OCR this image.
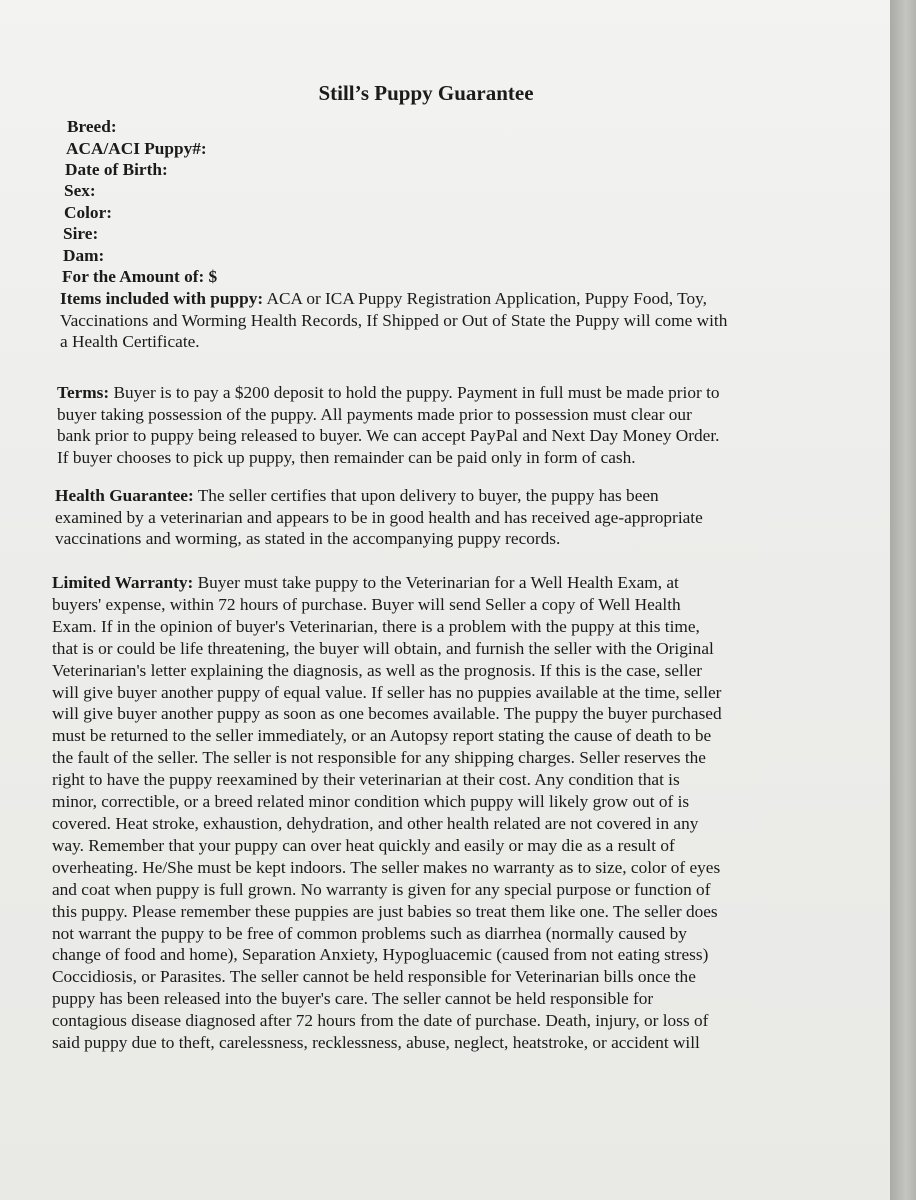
Still’s Puppy Guarantee
Breed:
ACA/ACI Puppy#:
Date of Birth:
Sex:
Color:
Sire:
Dam:
For the Amount of: $
Items included with puppy: ACA or ICA Puppy Registration Application, Puppy Food, Toy,
Vaccinations and Worming Health Records, If Shipped or Out of State the Puppy will come with
a Health Certificate.
Terms: Buyer is to pay a $200 deposit to hold the puppy. Payment in full must be made prior to
buyer taking possession of the puppy. All payments made prior to possession must clear our
bank prior to puppy being released to buyer. We can accept PayPal and Next Day Money Order.
If buyer chooses to pick up puppy, then remainder can be paid only in form of cash.
Health Guarantee: The seller certifies that upon delivery to buyer, the puppy has been
examined by a veterinarian and appears to be in good health and has received age-appropriate
vaccinations and worming, as stated in the accompanying puppy records.
Limited Warranty: Buyer must take puppy to the Veterinarian for a Well Health Exam, at
buyers' expense, within 72 hours of purchase. Buyer will send Seller a copy of Well Health
Exam. If in the opinion of buyer's Veterinarian, there is a problem with the puppy at this time,
that is or could be life threatening, the buyer will obtain, and furnish the seller with the Original
Veterinarian's letter explaining the diagnosis, as well as the prognosis. If this is the case, seller
will give buyer another puppy of equal value. If seller has no puppies available at the time, seller
will give buyer another puppy as soon as one becomes available. The puppy the buyer purchased
must be returned to the seller immediately, or an Autopsy report stating the cause of death to be
the fault of the seller. The seller is not responsible for any shipping charges. Seller reserves the
right to have the puppy reexamined by their veterinarian at their cost. Any condition that is
minor, correctible, or a breed related minor condition which puppy will likely grow out of is
covered. Heat stroke, exhaustion, dehydration, and other health related are not covered in any
way. Remember that your puppy can over heat quickly and easily or may die as a result of
overheating. He/She must be kept indoors. The seller makes no warranty as to size, color of eyes
and coat when puppy is full grown. No warranty is given for any special purpose or function of
this puppy. Please remember these puppies are just babies so treat them like one. The seller does
not warrant the puppy to be free of common problems such as diarrhea (normally caused by
change of food and home), Separation Anxiety, Hypogluacemic (caused from not eating stress)
Coccidiosis, or Parasites. The seller cannot be held responsible for Veterinarian bills once the
puppy has been released into the buyer's care. The seller cannot be held responsible for
contagious disease diagnosed after 72 hours from the date of purchase. Death, injury, or loss of
said puppy due to theft, carelessness, recklessness, abuse, neglect, heatstroke, or accident will
